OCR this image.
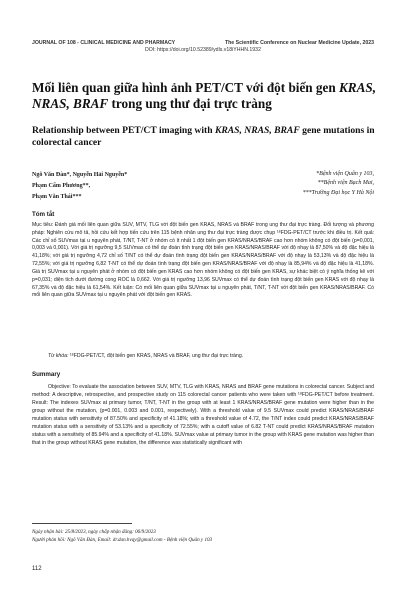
JOURNAL OF 108 - CLINICAL MEDICINE AND PHARMACY	The Scientific Conference on Nuclear Medicine Update, 2023
DOI: https://doi.org/10.52389/ydls.v18iYHHN.1932
Mối liên quan giữa hình ảnh PET/CT với đột biến gen KRAS, NRAS, BRAF trong ung thư đại trực tràng
Relationship between PET/CT imaging with KRAS, NRAS, BRAF gene mutations in colorectal cancer
Ngô Văn Đàn*, Nguyễn Hải Nguyễn*
Phạm Cẩm Phương**,
Phạm Văn Thái***
*Bệnh viện Quân y 103,
**Bệnh viện Bạch Mai,
***Trường Đại học Y Hà Nội
Tóm tắt
Mục tiêu: Đánh giá mối liên quan giữa SUV, MTV, TLG với đột biến gen KRAS, NRAS và BRAF trong ung thư đại trực tràng. Đối tượng và phương pháp: Nghiên cứu mô tả, hồi cứu kết hợp tiến cứu trên 115 bệnh nhân ung thư đại trực tràng được chụp ¹⁸FDG-PET/CT trước khi điều trị. Kết quả: Các chỉ số SUVmax tại u nguyên phát, T/NT, T-NT ở nhóm có ít nhất 1 đột biến gen KRAS/NRAS/BRAF cao hơn nhóm không có đột biến (p=0,001, 0,003 và 0,001). Với giá trị ngưỡng 9,5 SUVmax có thể dự đoán tình trạng đột biến gen KRAS/NRAS/BRAF với độ nhạy là 87,50% và độ đặc hiệu là 41,18%; với giá trị ngưỡng 4,72 chỉ số T/NT có thể dự đoán tình trạng đột biến gen KRAS/NRAS/BRAF với độ nhạy là 53,13% và độ đặc hiệu là 72,55%; với giá trị ngưỡng 6,82 T-NT có thể dự đoán tình trạng đột biến gen KRAS/NRAS/BRAF với độ nhạy là 85,94% và độ đặc hiệu là 41,18%. Giá trị SUVmax tại u nguyên phát ở nhóm có đột biến gen KRAS cao hơn nhóm không có đột biến gen KRAS, sự khác biệt có ý nghĩa thống kê với p=0,031; diện tích dưới đường cong ROC là 0,662. Với giá trị ngưỡng 13,96 SUVmax có thể dự đoán tình trạng đột biến gen KRAS với độ nhạy là 67,35% và độ đặc hiệu là 61,54%. Kết luận: Có mối liên quan giữa SUVmax tại u nguyên phát, T/NT, T-NT với đột biến gen KRAS/NRAS/BRAF. Có mối liên quan giữa SUVmax tại u nguyên phát với đột biến gen KRAS.
Từ khóa: ¹⁸FDG-PET/CT, đột biến gen KRAS, NRAS và BRAF, ung thư đại trực tràng.
Summary
Objective: To evaluate the association between SUV, MTV, TLG with KRAS, NRAS and BRAF gene mutations in colorectal cancer. Subject and method: A descriptive, retrospective, and prospective study on 115 colorectal cancer patients who were taken with ¹⁸FDG-PET/CT before treatment. Result: The indexes SUVmax at primary tumor, T/NT, T-NT in the group with at least 1 KRAS/NRAS/BRAF gene mutation were higher than in the group without the mutation, (p=0.001, 0.003 and 0.001, respectively). With a threshold value of 9.5 SUVmax could predict KRAS/NRAS/BRAF mutation status with sensitivity of 87.50% and specificity of 41.18%; with a threshold value of 4.72, the T/NT index could predict KRAS/NRAS/BRAF mutation status with a sensitivity of 53.13% and a specificity of 72.55%; with a cutoff value of 6.82 T-NT could predict KRAS/NRAS/BRAF mutation status with a sensitivity of 85.94% and a specificity of 41.18%. SUVmax value at primary tumor in the group with KRAS gene mutation was higher than that in the group without KRAS gene mutation, the difference was statistically significant with
Ngày nhận bài: 25/8/2023, ngày chấp nhận đăng: 06/9/2023
Người phản hồi: Ngô Văn Đàn, Email: dr.dan.hvqy@gmail.com - Bệnh viện Quân y 103
112
